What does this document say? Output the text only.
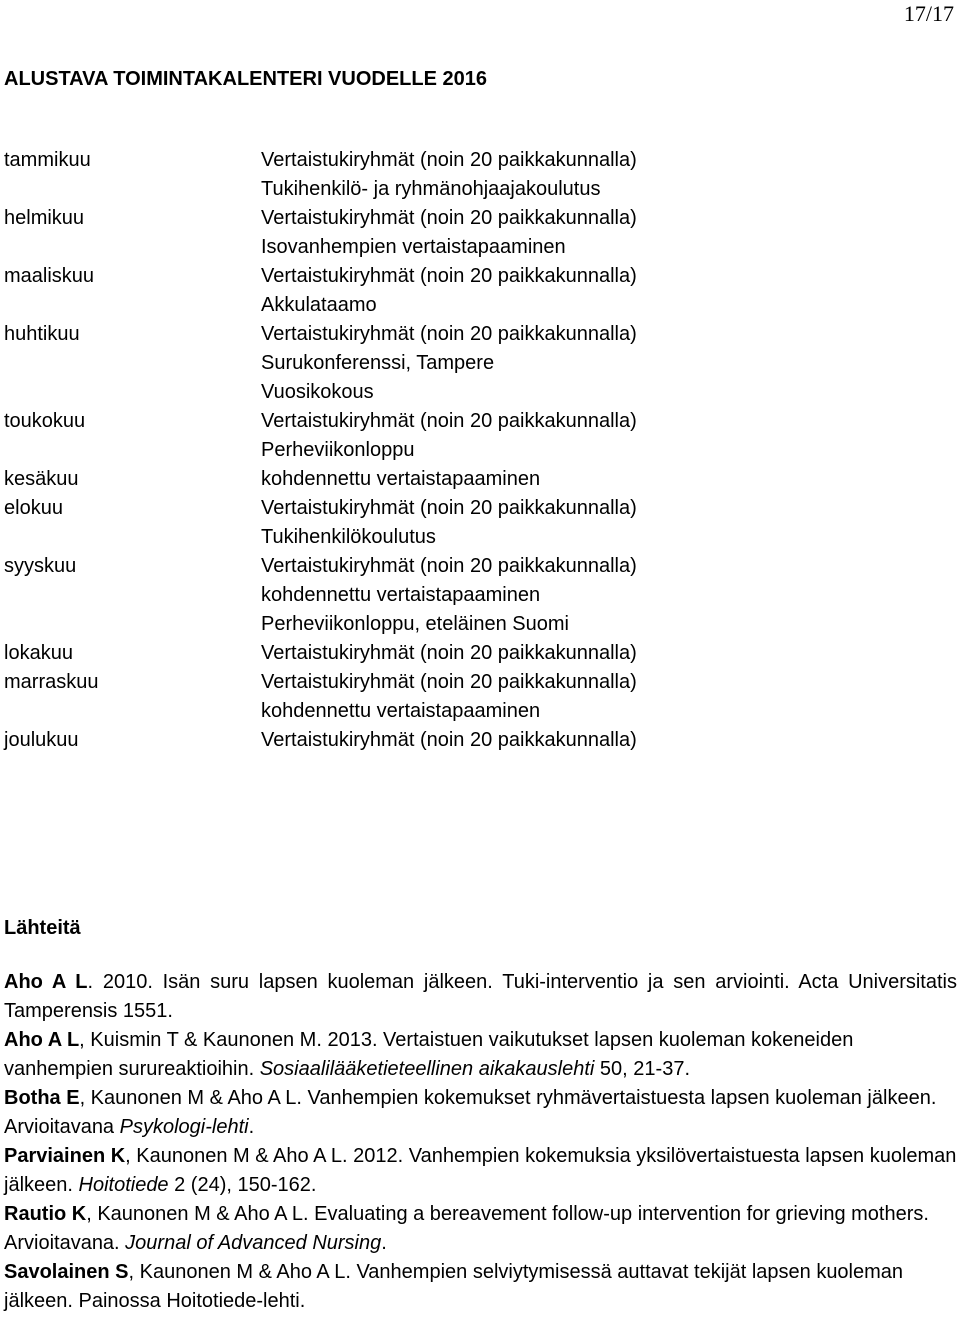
17/17
ALUSTAVA TOIMINTAKALENTERI VUODELLE 2016
tammikuu	Vertaistukiryhmät (noin 20 paikkakunnalla)
Tukihenkilö- ja ryhmänohjaajakoulutus
helmikuu	Vertaistukiryhmät (noin 20 paikkakunnalla)
Isovanhempien vertaistapaaminen
maaliskuu	Vertaistukiryhmät (noin 20 paikkakunnalla)
Akkulataamo
huhtikuu	Vertaistukiryhmät (noin 20 paikkakunnalla)
Surukonferenssi, Tampere
Vuosikokous
toukokuu	Vertaistukiryhmät (noin 20 paikkakunnalla)
Perheviikonloppu
kesäkuu	kohdennettu vertaistapaaminen
elokuu	Vertaistukiryhmät (noin 20 paikkakunnalla)
Tukihenkilökoulutus
syyskuu	Vertaistukiryhmät (noin 20 paikkakunnalla)
kohdennettu vertaistapaaminen
Perheviikonloppu, eteläinen Suomi
lokakuu	Vertaistukiryhmät (noin 20 paikkakunnalla)
marraskuu	Vertaistukiryhmät (noin 20 paikkakunnalla)
kohdennettu vertaistapaaminen
joulukuu	Vertaistukiryhmät (noin 20 paikkakunnalla)
Lähteitä

Aho A L. 2010. Isän suru lapsen kuoleman jälkeen. Tuki-interventio ja sen arviointi. Acta Universitatis Tamperensis 1551.

Aho A L, Kuismin T & Kaunonen M. 2013. Vertaistuen vaikutukset lapsen kuoleman kokeneiden vanhempien surureaktioihin. Sosiaalilääketieteellinen aikakauslehti 50, 21-37.

Botha E, Kaunonen M & Aho A L. Vanhempien kokemukset ryhmävertaistuesta lapsen kuoleman jälkeen. Arvioitavana Psykologi-lehti.

Parviainen K, Kaunonen M & Aho A L. 2012. Vanhempien kokemuksia yksilövertaistuesta lapsen kuoleman jälkeen. Hoitotiede 2 (24), 150-162.

Rautio K, Kaunonen M & Aho A L. Evaluating a bereavement follow-up intervention for grieving mothers. Arvioitavana. Journal of Advanced Nursing.

Savolainen S, Kaunonen M & Aho A L. Vanhempien selviytymisessä auttavat tekijät lapsen kuoleman jälkeen. Painossa Hoitotiede-lehti.
